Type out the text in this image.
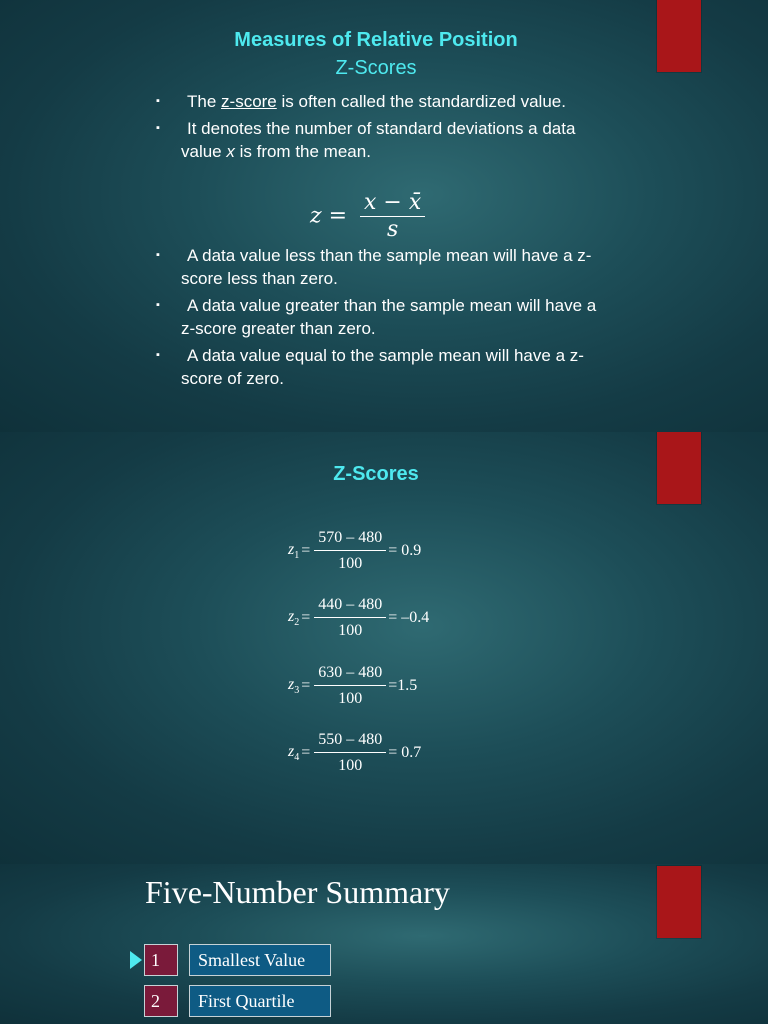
Measures of Relative Position
Z-Scores
▪ The z-score is often called the standardized value.
▪ It denotes the number of standard deviations a data value x is from the mean.
$z = \frac{x - x̄}{s}$
▪ A data value less than the sample mean will have a z-score less than zero.
▪ A data value greater than the sample mean will have a z-score greater than zero.
▪ A data value equal to the sample mean will have a z-score of zero.
Z-Scores
$z_1 = \frac{570 - 480}{100} = 0.9$
$z_2 = \frac{440 - 480}{100} = -0.4$
$z_3 = \frac{630 - 480}{100} =1.5$
$z_4 = \frac{550 - 480}{100} = 0.7$
Five-Number Summary
1	Smallest Value
2	First Quartile
